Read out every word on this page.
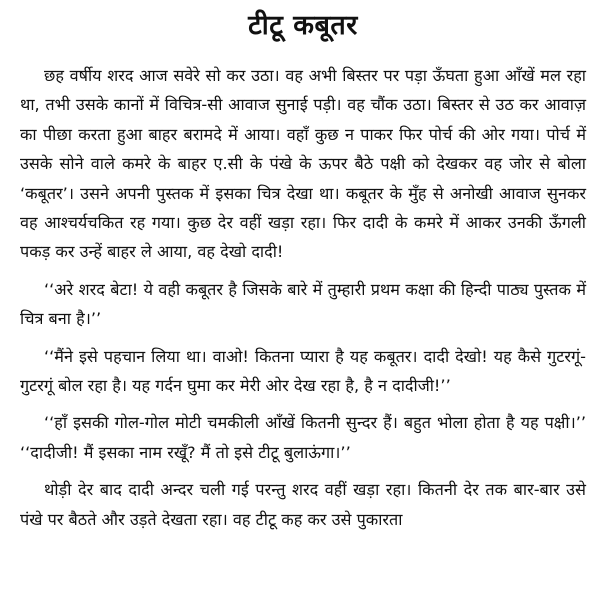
टीटू कबूतर

छह वर्षीय शरद आज सवेरे सो कर उठा। वह अभी बिस्तर पर पड़ा ऊँघता हुआ आँखें मल रहा था, तभी उसके कानों में विचित्र-सी आवाज सुनाई पड़ी। वह चौंक उठा। बिस्तर से उठ कर आवाज़ का पीछा करता हुआ बाहर बरामदे में आया। वहाँ कुछ न पाकर फिर पोर्च की ओर गया। पोर्च में उसके सोने वाले कमरे के बाहर ए.सी के पंखे के ऊपर बैठे पक्षी को देखकर वह जोर से बोला ‘कबूतर’। उसने अपनी पुस्तक में इसका चित्र देखा था। कबूतर के मुँह से अनोखी आवाज सुनकर वह आश्चर्यचकित रह गया। कुछ देर वहीं खड़ा रहा। फिर दादी के कमरे में आकर उनकी ऊँगली पकड़ कर उन्हें बाहर ले आया, वह देखो दादी!

‘‘अरे शरद बेटा! ये वही कबूतर है जिसके बारे में तुम्हारी प्रथम कक्षा की हिन्दी पाठ्य पुस्तक में चित्र बना है।’’

‘‘मैंने इसे पहचान लिया था। वाओ! कितना प्यारा है यह कबूतर। दादी देखो! यह कैसे गुटरगूं-गुटरगूं बोल रहा है। यह गर्दन घुमा कर मेरी ओर देख रहा है, है न दादीजी!’’

‘‘हाँ इसकी गोल-गोल मोटी चमकीली आँखें कितनी सुन्दर हैं। बहुत भोला होता है यह पक्षी।’’ ‘‘दादीजी! मैं इसका नाम रखूँ? मैं तो इसे टीटू बुलाऊंगा।’’

थोड़ी देर बाद दादी अन्दर चली गई परन्तु शरद वहीं खड़ा रहा। कितनी देर तक बार-बार उसे पंखे पर बैठते और उड़ते देखता रहा। वह टीटू कह कर उसे पुकारता
